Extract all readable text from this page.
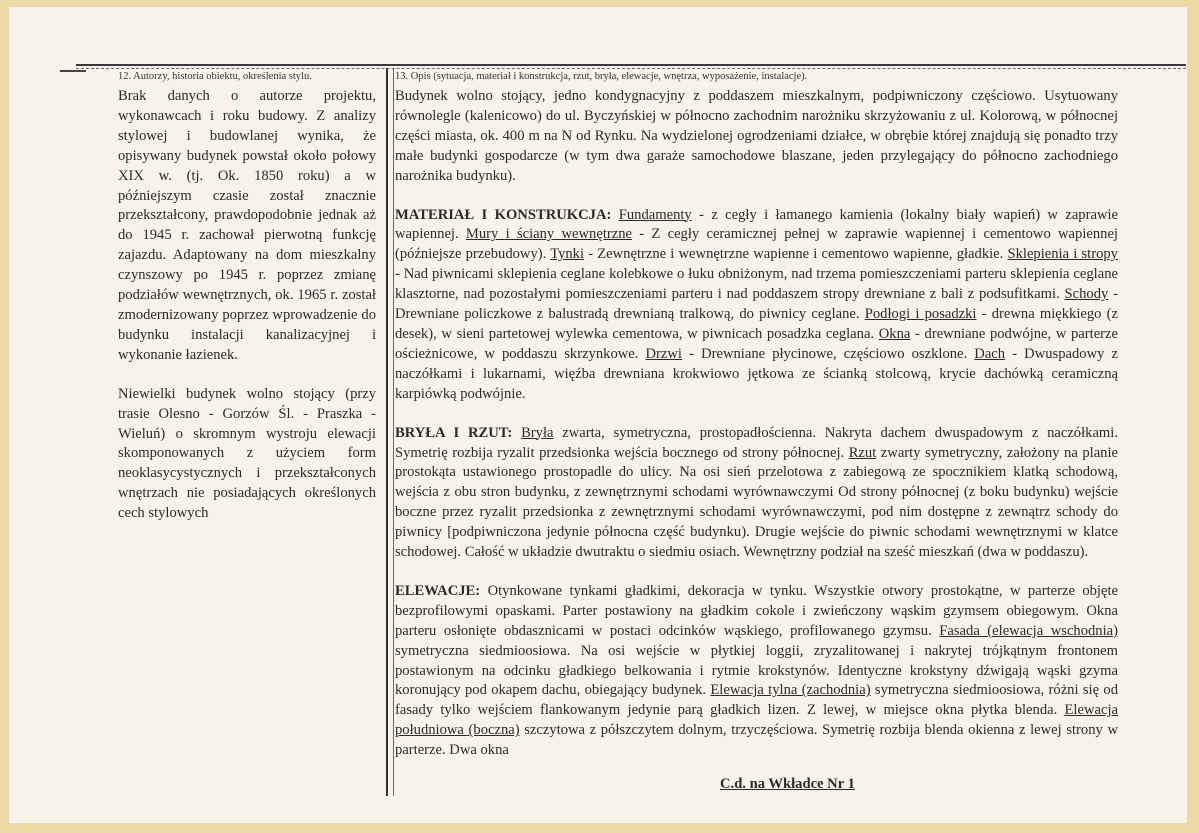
12. Autorzy, historia obiektu, określenia stylu.

Brak danych o autorze projektu, wykonawcach i roku budowy. Z analizy stylowej i budowlanej wynika, że opisywany budynek powstał około połowy XIX w. (tj. Ok. 1850 roku) a w późniejszym czasie został znacznie przekształcony, prawdopodobnie jednak aż do 1945 r. zachował pierwotną funkcję zajazdu. Adaptowany na dom mieszkalny czynszowy po 1945 r. poprzez zmianę podziałów wewnętrznych, ok. 1965 r. został zmodernizowany poprzez wprowadzenie do budynku instalacji kanalizacyjnej i wykonanie łazienek.

Niewielki budynek wolno stojący (przy trasie Olesno - Gorzów Śl. - Praszka - Wieluń) o skromnym wystroju elewacji skomponowanych z użyciem form neoklasycystycznych i przekształconych wnętrzach nie posiadających określonych cech stylowych

13. Opis (sytuacja, materiał i konstrukcja, rzut, bryła, elewacje, wnętrza, wyposażenie, instalacje).

Budynek wolno stojący, jedno kondygnacyjny z poddaszem mieszkalnym, podpiwniczony częściowo. Usytuowany równolegle (kalenicowo) do ul. Byczyńskiej w północno zachodnim narożniku skrzyżowaniu z ul. Kolorową, w północnej części miasta, ok. 400 m na N od Rynku. Na wydzielonej ogrodzeniami działce, w obrębie której znajdują się ponadto trzy małe budynki gospodarcze (w tym dwa garaże samochodowe blaszane, jeden przylegający do północno zachodniego narożnika budynku).

MATERIAŁ I KONSTRUKCJA: Fundamenty - z cegły i łamanego kamienia (lokalny biały wapień) w zaprawie wapiennej. Mury i ściany wewnętrzne - Z cegły ceramicznej pełnej w zaprawie wapiennej i cementowo wapiennej (późniejsze przebudowy). Tynki - Zewnętrzne i wewnętrzne wapienne i cementowo wapienne, gładkie. Sklepienia i stropy - Nad piwnicami sklepienia ceglane kolebkowe o łuku obniżonym, nad trzema pomieszczeniami parteru sklepienia ceglane klasztorne, nad pozostałymi pomieszczeniami parteru i nad poddaszem stropy drewniane z bali z podsufitkami. Schody - Drewniane policzkowe z balustradą drewnianą tralkową, do piwnicy ceglane. Podłogi i posadzki - drewna miękkiego (z desek), w sieni partetowej wylewka cementowa, w piwnicach posadzka ceglana. Okna - drewniane podwójne, w parterze ościeżnicowe, w poddaszu skrzynkowe. Drzwi - Drewniane płycinowe, częściowo oszklone. Dach - Dwuspadowy z naczółkami i lukarnami, więźba drewniana krokwiowo jętkowa ze ścianką stolcową, krycie dachówką ceramiczną karpiówką podwójnie.

BRYŁA I RZUT: Bryła zwarta, symetryczna, prostopadłościenna. Nakryta dachem dwuspadowym z naczółkami. Symetrię rozbija ryzalit przedsionka wejścia bocznego od strony północnej. Rzut zwarty symetryczny, założony na planie prostokąta ustawionego prostopadle do ulicy. Na osi sień przelotowa z zabiegową ze spocznikiem klatką schodową, wejścia z obu stron budynku, z zewnętrznymi schodami wyrównawczymi Od strony północnej (z boku budynku) wejście boczne przez ryzalit przedsionka z zewnętrznymi schodami wyrównawczymi, pod nim dostępne z zewnątrz schody do piwnicy [podpiwniczona jedynie północna część budynku). Drugie wejście do piwnic schodami wewnętrznymi w klatce schodowej. Całość w układzie dwutraktu o siedmiu osiach. Wewnętrzny podział na sześć mieszkań (dwa w poddaszu).

ELEWACJE: Otynkowane tynkami gładkimi, dekoracja w tynku. Wszystkie otwory prostokątne, w parterze objęte bezprofilowymi opaskami. Parter postawiony na gładkim cokole i zwieńczony wąskim gzymsem obiegowym. Okna parteru osłonięte obdasznicami w postaci odcinków wąskiego, profilowanego gzymsu. Fasada (elewacja wschodnia) symetryczna siedmioosiowa. Na osi wejście w płytkiej loggii, zryzalitowanej i nakrytej trójkątnym frontonem postawionym na odcinku gładkiego belkowania i rytmie krokstynów. Identyczne krokstyny dźwigają wąski gzyma koronujący pod okapem dachu, obiegający budynek. Elewacja tylna (zachodnia) symetryczna siedmioosiowa, różni się od fasady tylko wejściem flankowanym jedynie parą gładkich lizen. Z lewej, w miejsce okna płytka blenda. Elewacja południowa (boczna) szczytowa z półszczytem dolnym, trzyczęściowa. Symetrię rozbija blenda okienna z lewej strony w parterze. Dwa okna

C.d. na Wkładce Nr 1
